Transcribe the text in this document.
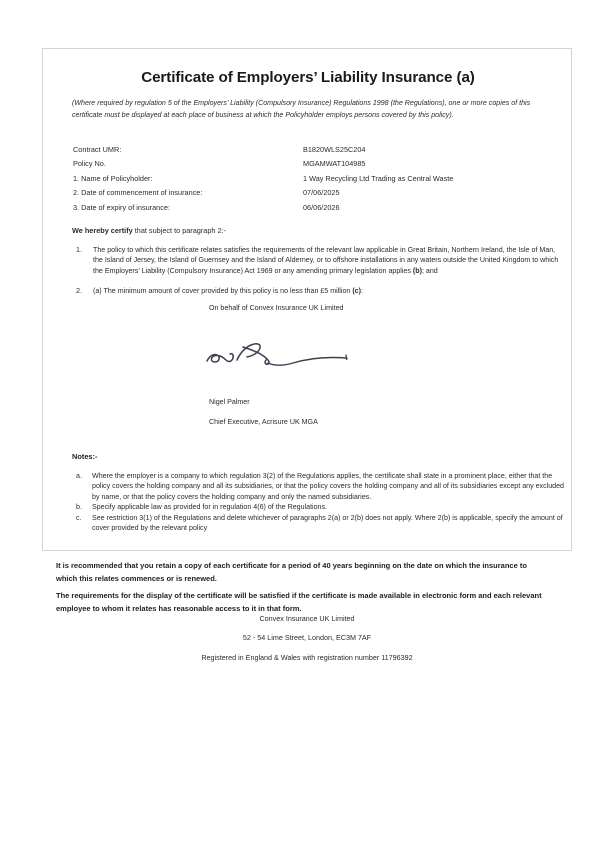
Certificate of Employers’ Liability Insurance (a)
(Where required by regulation 5 of the Employers’ Liability (Compulsory Insurance) Regulations 1998 (the Regulations), one or more copies of this certificate must be displayed at each place of business at which the Policyholder employs persons covered by this policy).
Contract UMR:	B1820WLS25C204
Policy No.	MGAMWAT104985
1. Name of Policyholder:	1 Way Recycling Ltd Trading as Central Waste
2. Date of commencement of insurance:	07/06/2025
3. Date of expiry of insurance:	06/06/2026
We hereby certify that subject to paragraph 2:-
1.	The policy to which this certificate relates satisfies the requirements of the relevant law applicable in Great Britain, Northern Ireland, the Isle of Man, the Island of Jersey, the Island of Guernsey and the Island of Alderney, or to offshore installations in any waters outside the United Kingdom to which the Employers’ Liability (Compulsory Insurance) Act 1969 or any amending primary legislation applies (b); and
2.	(a) The minimum amount of cover provided by this policy is no less than £5 million (c):
On behalf of Convex Insurance UK Limited
Nigel Palmer
Chief Executive, Acrisure UK MGA
Notes:-
a.	Where the employer is a company to which regulation 3(2) of the Regulations applies, the certificate shall state in a prominent place, either that the policy covers the holding company and all its subsidiaries, or that the policy covers the holding company and all of its subsidiaries except any excluded by name, or that the policy covers the holding company and only the named subsidiaries.
b.	Specify applicable law as provided for in regulation 4(6) of the Regulations.
c.	See restriction 3(1) of the Regulations and delete whichever of paragraphs 2(a) or 2(b) does not apply. Where 2(b) is applicable, specify the amount of cover provided by the relevant policy
It is recommended that you retain a copy of each certificate for a period of 40 years beginning on the date on which the insurance to which this relates commences or is renewed.
The requirements for the display of the certificate will be satisfied if the certificate is made available in electronic form and each relevant employee to whom it relates has reasonable access to it in that form.
Convex Insurance UK Limited
52 - 54 Lime Street, London, EC3M 7AF
Registered in England & Wales with registration number 11796392
